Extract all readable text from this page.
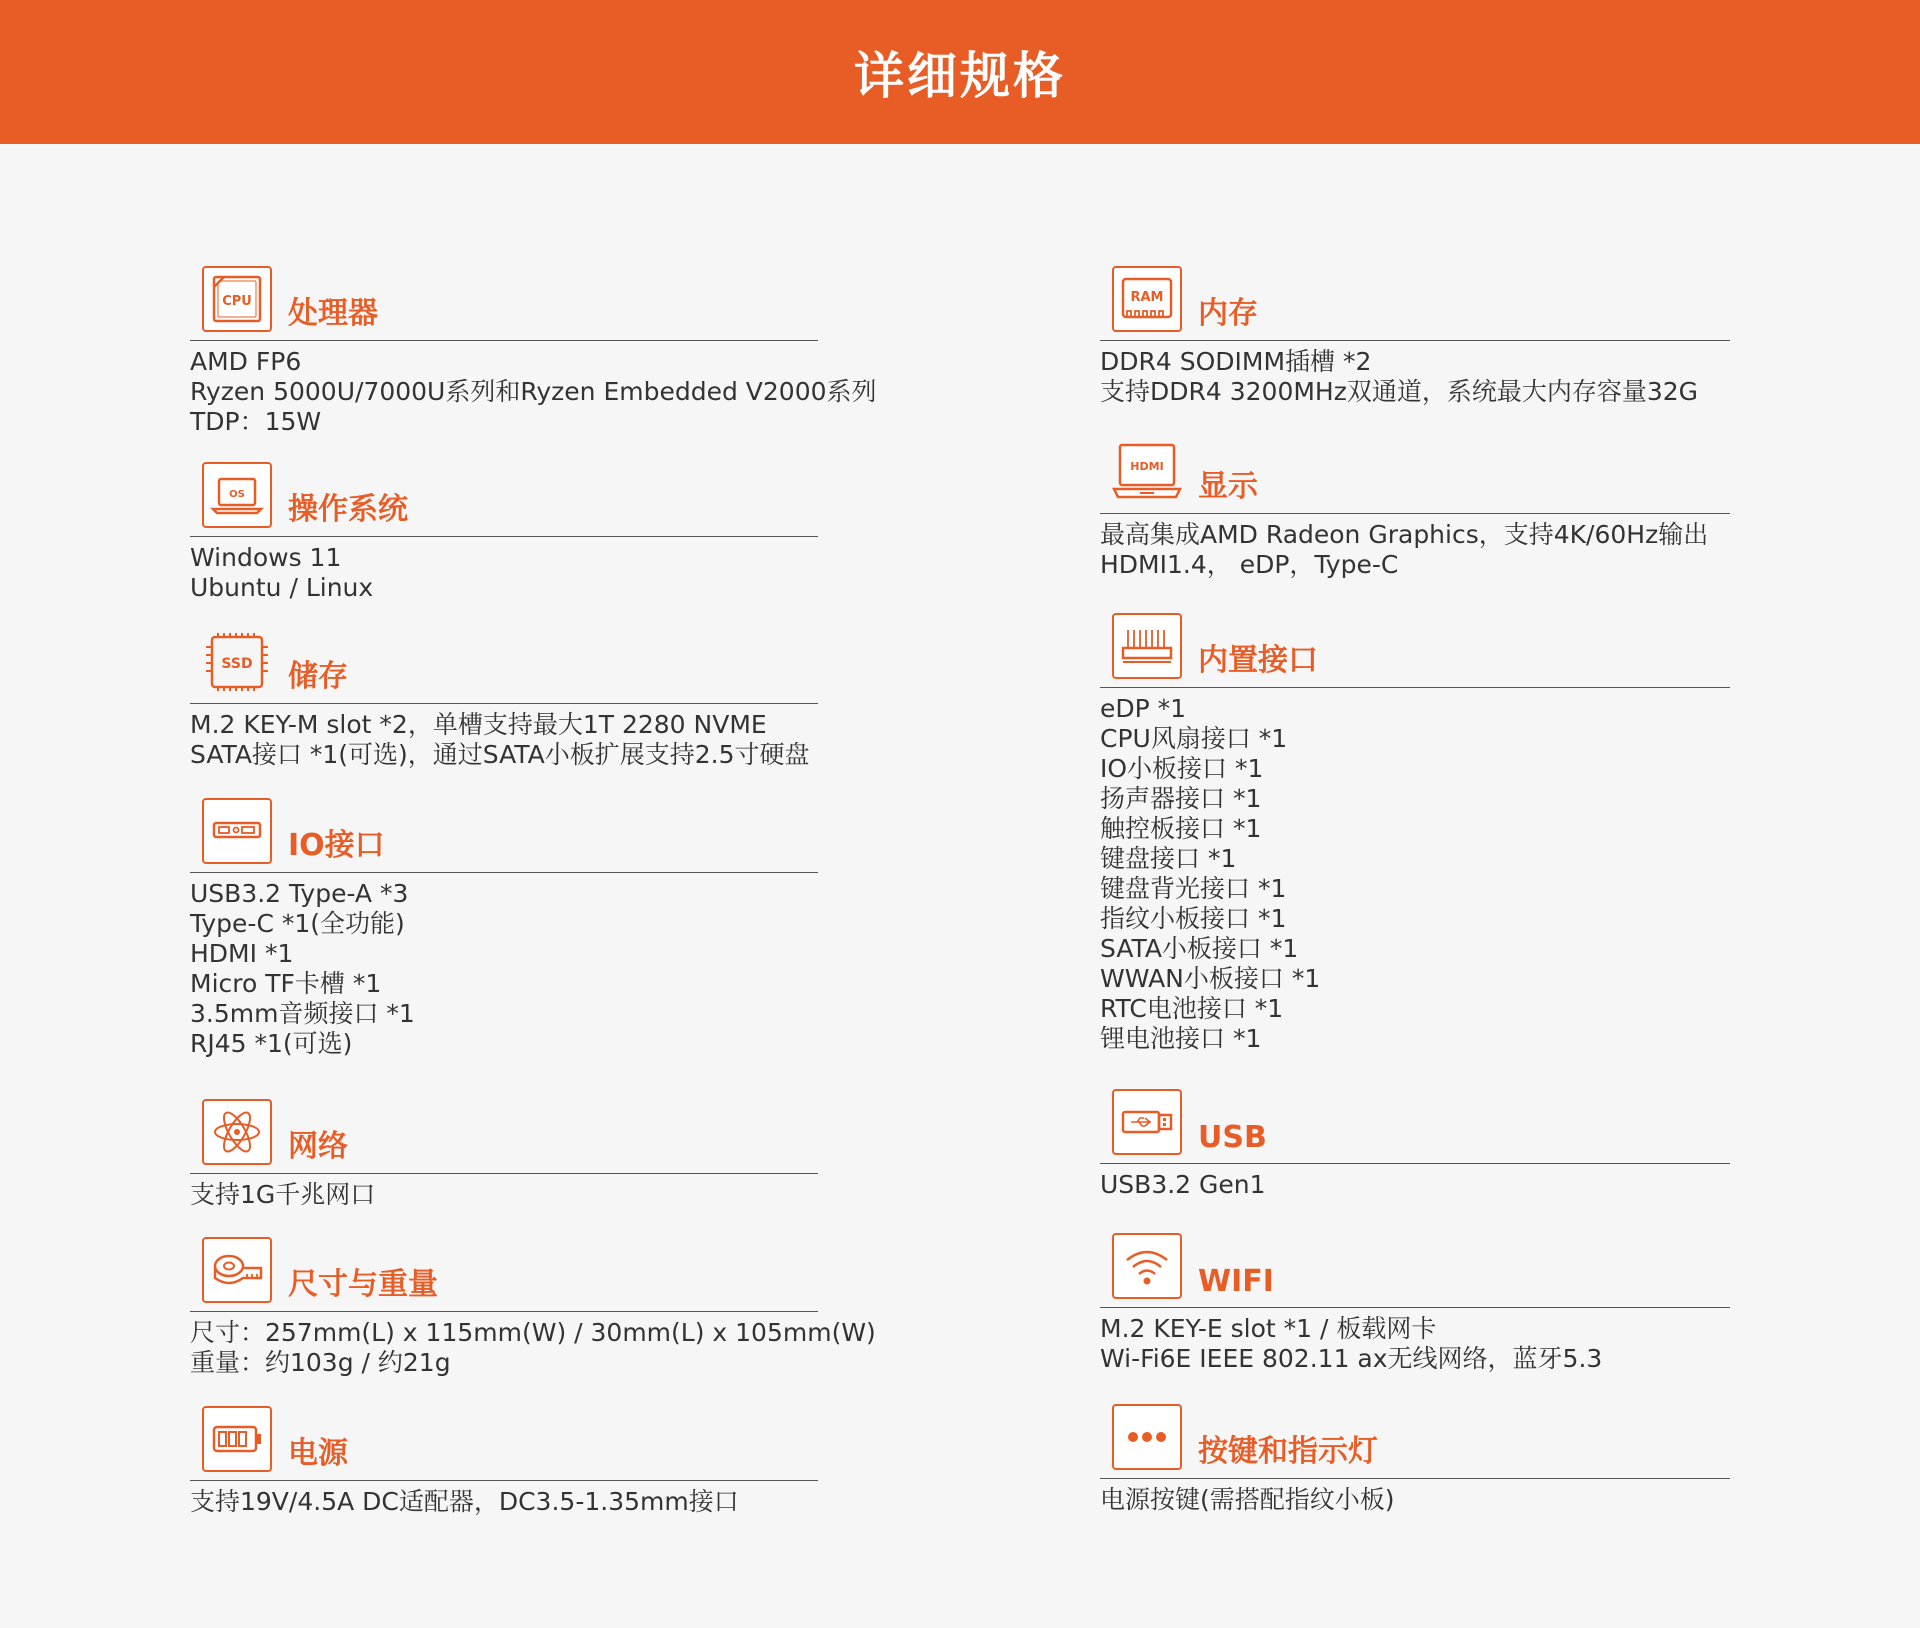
详细规格
CPU 处理器
AMD FP6
Ryzen 5000U/7000U系列和Ryzen Embedded V2000系列
TDP：15W
OS 操作系统
Windows 11
Ubuntu / Linux
SSD 储存
M.2 KEY-M slot *2，单槽支持最大1T 2280 NVME
SATA接口 *1(可选)，通过SATA小板扩展支持2.5寸硬盘
IO接口
USB3.2 Type-A *3
Type-C *1(全功能)
HDMI *1
Micro TF卡槽 *1
3.5mm音频接口 *1
RJ45 *1(可选)
网络
支持1G千兆网口
尺寸与重量
尺寸：257mm(L) x 115mm(W) / 30mm(L) x 105mm(W)
重量：约103g / 约21g
电源
支持19V/4.5A DC适配器，DC3.5-1.35mm接口
RAM 内存
DDR4 SODIMM插槽 *2
支持DDR4 3200MHz双通道，系统最大内存容量32G
HDMI
显示
最高集成AMD Radeon Graphics，支持4K/60Hz输出
HDMI1.4， eDP，Type-C
内置接口
eDP *1
CPU风扇接口 *1
IO小板接口 *1
扬声器接口 *1
触控板接口 *1
键盘接口 *1
键盘背光接口 *1
指纹小板接口 *1
SATA小板接口 *1
WWAN小板接口 *1
RTC电池接口 *1
锂电池接口 *1
USB
USB3.2 Gen1
WIFI
M.2 KEY-E slot *1 / 板载网卡
Wi-Fi6E IEEE 802.11 ax无线网络，蓝牙5.3
按键和指示灯
电源按键(需搭配指纹小板)
